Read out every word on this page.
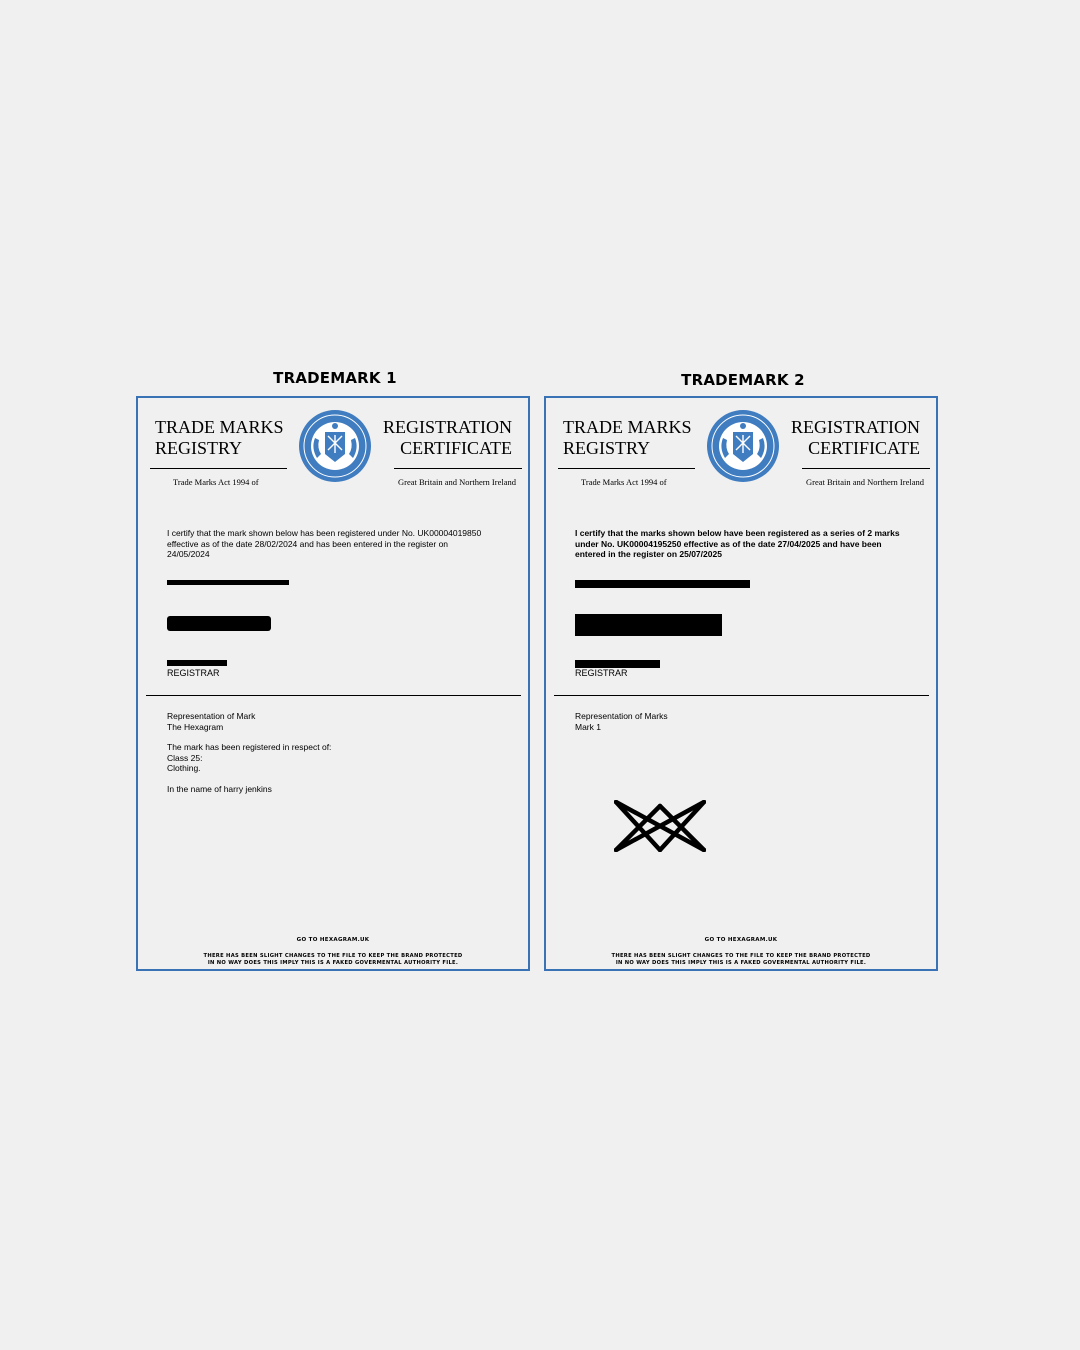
TRADEMARK 1
TRADE MARKS
REGISTRY
Trade Marks Act 1994 of
REGISTRATION
CERTIFICATE
Great Britain and Northern Ireland

I certify that the mark shown below has been registered under No. UK00004019850

effective as of the date 28/02/2024 and has been entered in the register on

24/05/2024

REGISTRAR

Representation of Mark

The Hexagram

The mark has been registered in respect of:

Class 25:

Clothing.

In the name of harry jenkins

GO TO HEXAGRAM.UK
THERE HAS BEEN SLIGHT CHANGES TO THE FILE TO KEEP THE BRAND PROTECTED
IN NO WAY DOES THIS IMPLY THIS IS A FAKED GOVERMENTAL AUTHORITY FILE.
TRADEMARK 2
TRADE MARKS
REGISTRY
Trade Marks Act 1994 of
REGISTRATION
CERTIFICATE
Great Britain and Northern Ireland

I certify that the marks shown below have been registered as a series of 2 marks

under No. UK00004195250 effective as of the date 27/04/2025 and have been

entered in the register on 25/07/2025

REGISTRAR

Representation of Marks

Mark 1

GO TO HEXAGRAM.UK
THERE HAS BEEN SLIGHT CHANGES TO THE FILE TO KEEP THE BRAND PROTECTED
IN NO WAY DOES THIS IMPLY THIS IS A FAKED GOVERMENTAL AUTHORITY FILE.
